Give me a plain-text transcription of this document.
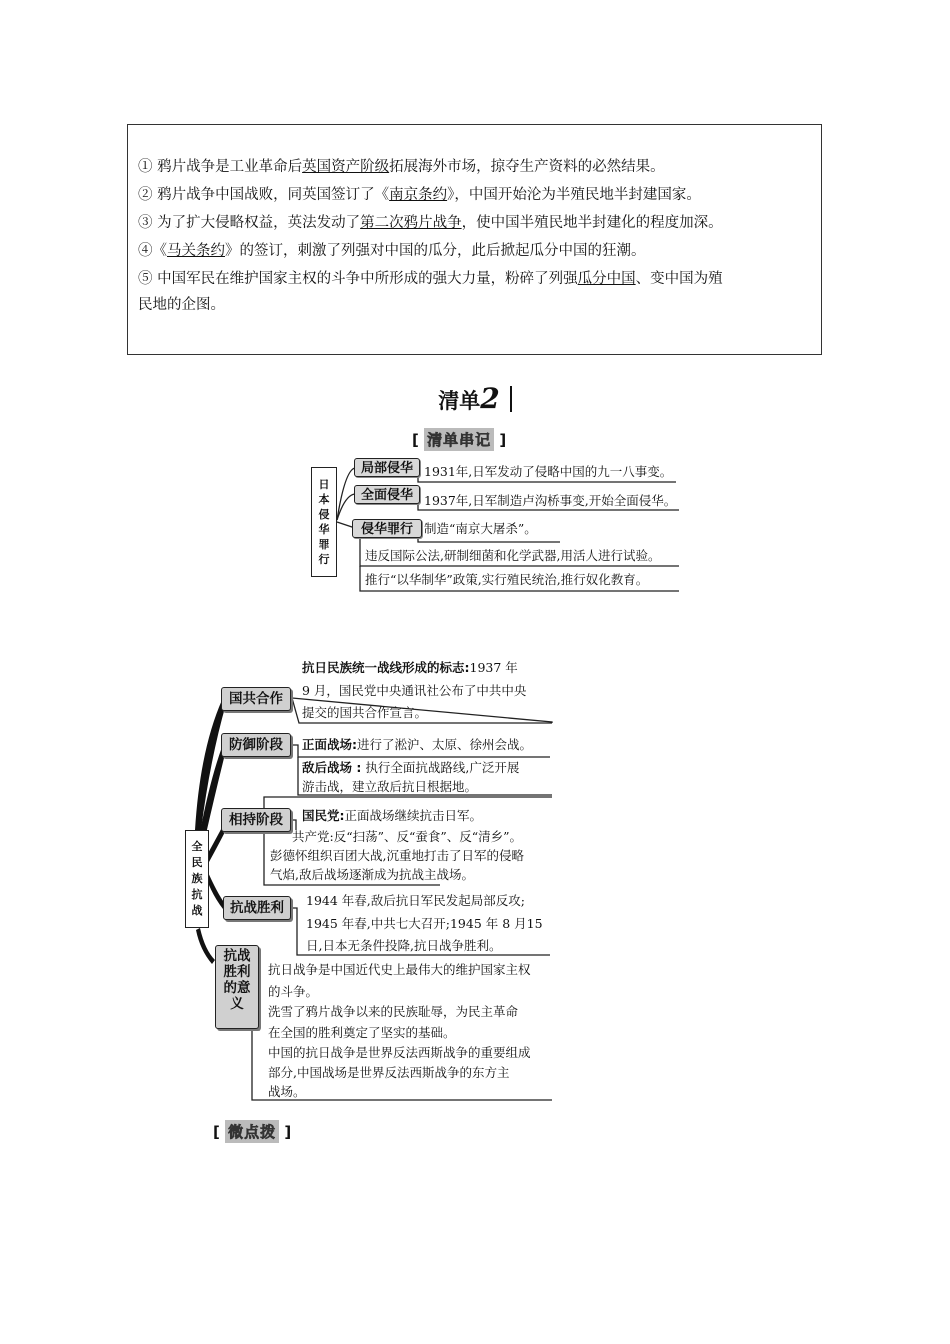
① 鸦片战争是工业革命后英国资产阶级拓展海外市场，掠夺生产资料的必然结果。
② 鸦片战争中国战败，同英国签订了《南京条约》，中国开始沦为半殖民地半封建国家。
③ 为了扩大侵略权益，英法发动了第二次鸦片战争，使中国半殖民地半封建化的程度加深。
④《马关条约》的签订，刺激了列强对中国的瓜分，此后掀起瓜分中国的狂潮。
⑤ 中国军民在维护国家主权的斗争中所形成的强大力量，粉碎了列强瓜分中国、变中国为殖
民地的企图。
清单2
[ 清单串记 ]
日
本
侵
华
罪
行
局部侵华 1931年,日军发动了侵略中国的九一八事变。
全面侵华 1937年,日军制造卢沟桥事变,开始全面侵华。
侵华罪行 制造“南京大屠杀”。
违反国际公法,研制细菌和化学武器,用活人进行试验。
推行“以华制华”政策,实行殖民统治,推行奴化教育。
全
民
族
抗
战
国共合作
抗日民族统一战线形成的标志:1937 年
9 月，国民党中央通讯社公布了中共中央
提交的国共合作宣言。
防御阶段	正面战场:进行了淞沪、太原、徐州会战。
敌后战场 : 执行全面抗战路线,广泛开展
游击战，建立敌后抗日根据地。
相持阶段	国民党:正面战场继续抗击日军。
共产党:反“扫荡”、反“蚕食”、反“清乡”。
彭德怀组织百团大战,沉重地打击了日军的侵略
气焰,敌后战场逐渐成为抗战主战场。
抗战胜利	1944 年春,敌后抗日军民发起局部反攻;
1945 年春,中共七大召开;1945 年 8 月15
日,日本无条件投降,抗日战争胜利。
抗战
胜利
的意
义
抗日战争是中国近代史上最伟大的维护国家主权
的斗争。
洗雪了鸦片战争以来的民族耻辱，为民主革命
在全国的胜利奠定了坚实的基础。
中国的抗日战争是世界反法西斯战争的重要组成
部分,中国战场是世界反法西斯战争的东方主
战场。
[ 微点拨 ]
